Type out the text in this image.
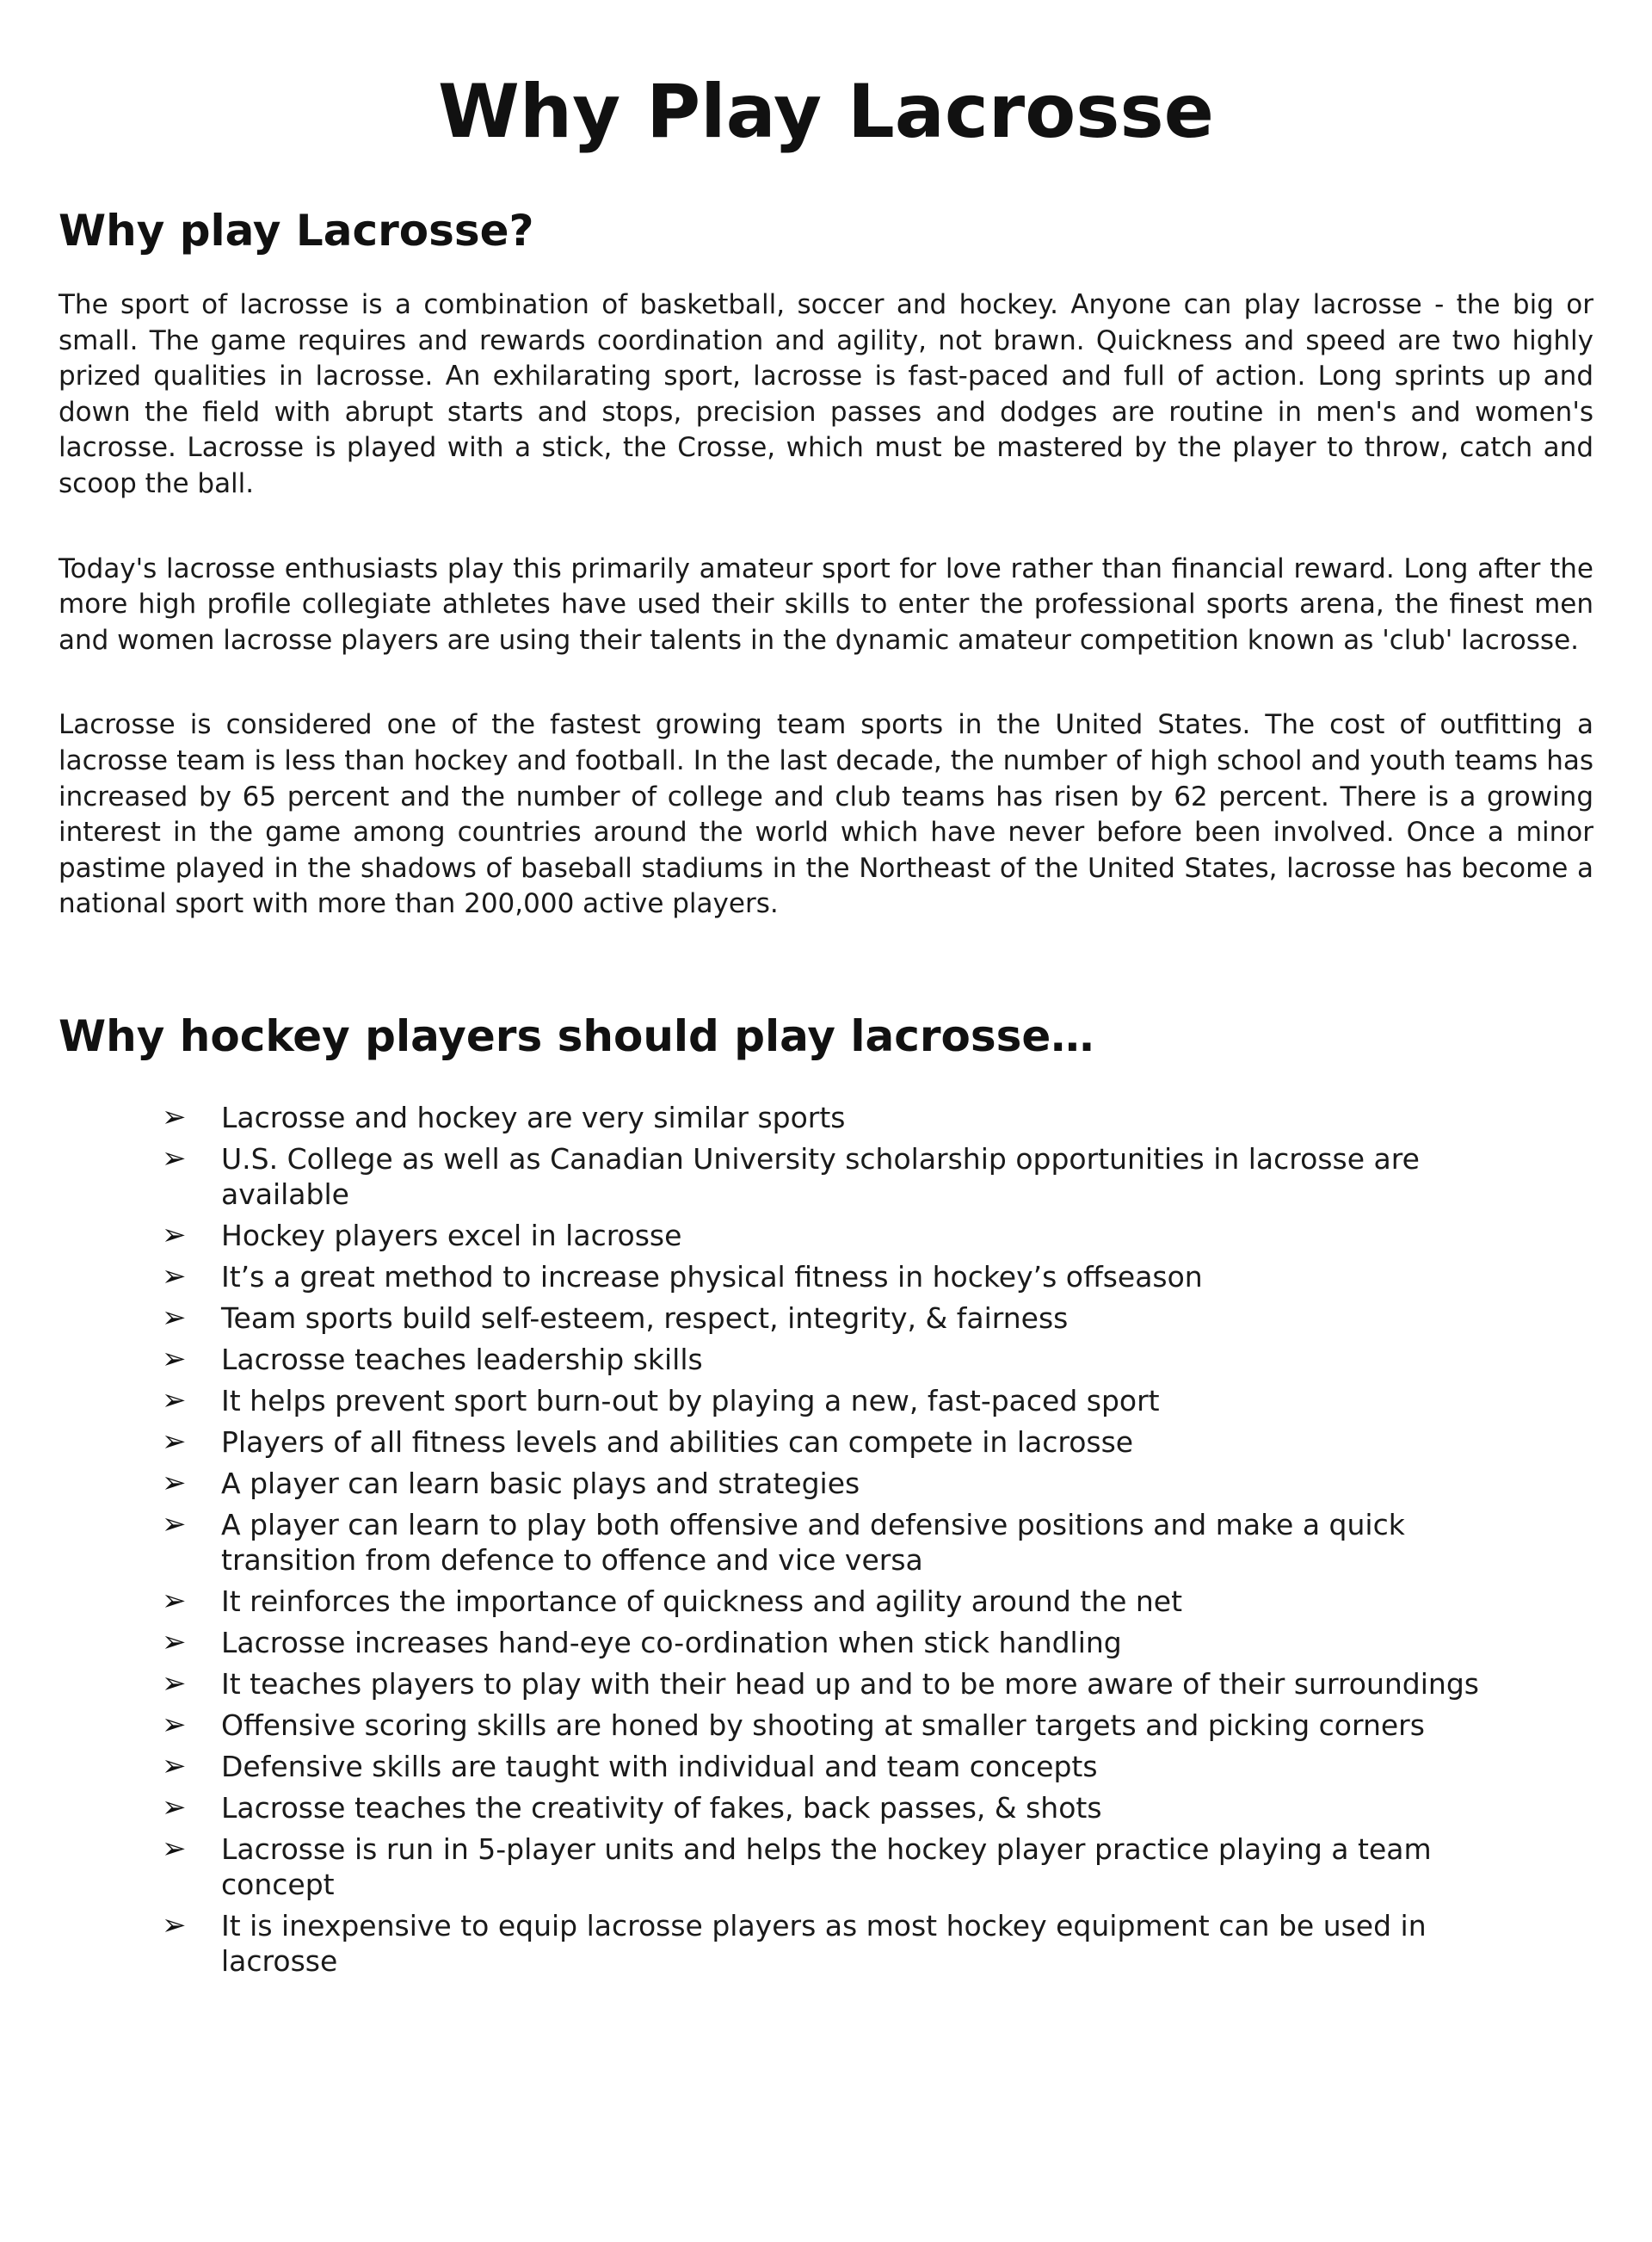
Why Play Lacrosse
Why play Lacrosse?

The sport of lacrosse is a combination of basketball, soccer and hockey. Anyone can play lacrosse - the big or small. The game requires and rewards coordination and agility, not brawn. Quickness and speed are two highly prized qualities in lacrosse. An exhilarating sport, lacrosse is fast-paced and full of action. Long sprints up and down the field with abrupt starts and stops, precision passes and dodges are routine in men's and women's lacrosse. Lacrosse is played with a stick, the Crosse, which must be mastered by the player to throw, catch and scoop the ball.

Today's lacrosse enthusiasts play this primarily amateur sport for love rather than financial reward. Long after the more high profile collegiate athletes have used their skills to enter the professional sports arena, the finest men and women lacrosse players are using their talents in the dynamic amateur competition known as 'club' lacrosse.

Lacrosse is considered one of the fastest growing team sports in the United States. The cost of outfitting a lacrosse team is less than hockey and football. In the last decade, the number of high school and youth teams has increased by 65 percent and the number of college and club teams has risen by 62 percent. There is a growing interest in the game among countries around the world which have never before been involved. Once a minor pastime played in the shadows of baseball stadiums in the Northeast of the United States, lacrosse has become a national sport with more than 200,000 active players.

Why hockey players should play lacrosse…
➢ Lacrosse and hockey are very similar sports
➢ U.S. College as well as Canadian University scholarship opportunities in lacrosse are available
➢ Hockey players excel in lacrosse
➢ It’s a great method to increase physical fitness in hockey’s offseason
➢ Team sports build self-esteem, respect, integrity, & fairness
➢ Lacrosse teaches leadership skills
➢ It helps prevent sport burn-out by playing a new, fast-paced sport
➢ Players of all fitness levels and abilities can compete in lacrosse
➢ A player can learn basic plays and strategies
➢ A player can learn to play both offensive and defensive positions and make a quick transition from defence to offence and vice versa
➢ It reinforces the importance of quickness and agility around the net
➢ Lacrosse increases hand-eye co-ordination when stick handling
➢ It teaches players to play with their head up and to be more aware of their surroundings
➢ Offensive scoring skills are honed by shooting at smaller targets and picking corners
➢ Defensive skills are taught with individual and team concepts
➢ Lacrosse teaches the creativity of fakes, back passes, & shots
➢ Lacrosse is run in 5-player units and helps the hockey player practice playing a team concept
➢ It is inexpensive to equip lacrosse players as most hockey equipment can be used in lacrosse
